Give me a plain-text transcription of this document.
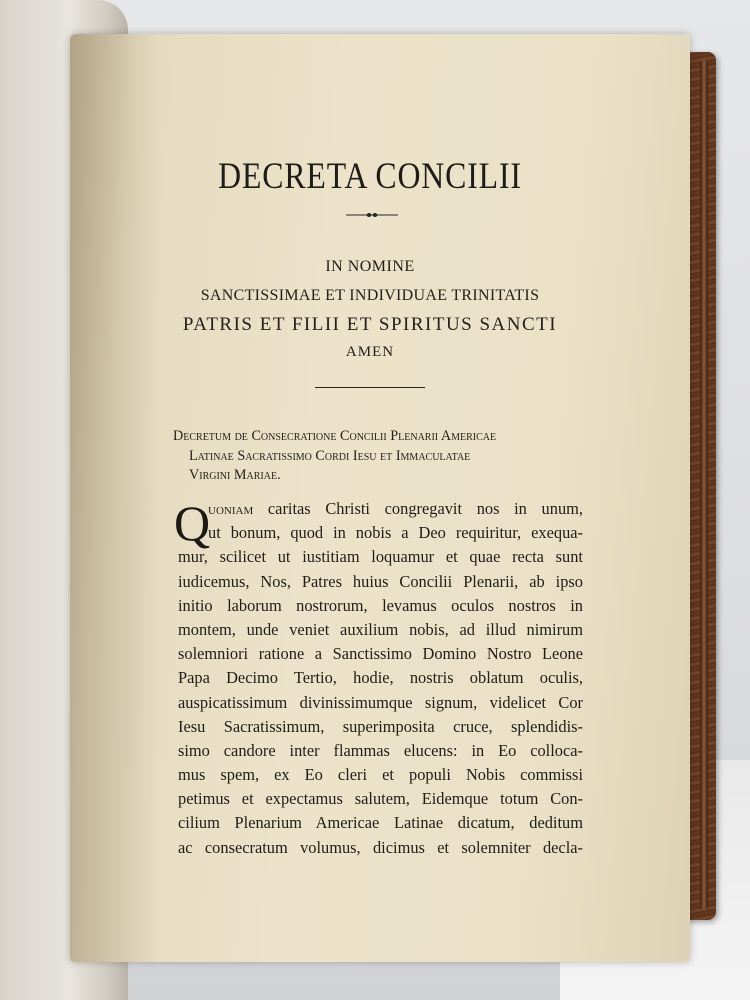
DECRETA CONCILII
IN NOMINE
SANCTISSIMAE ET INDIVIDUAE TRINITATIS
PATRIS ET FILII ET SPIRITUS SANCTI
AMEN
Decretum de Consecratione Concilii Plenarii Americae
Latinae Sacratissimo Cordi Iesu et Immaculatae
Virgini Mariae.
Q
uoniam caritas Christi congregavit nos in unum,
ut bonum, quod in nobis a Deo requiritur, exequa-
mur, scilicet ut iustitiam loquamur et quae recta sunt
iudicemus, Nos, Patres huius Concilii Plenarii, ab ipso
initio laborum nostrorum, levamus oculos nostros in
montem, unde veniet auxilium nobis, ad illud nimirum
solemniori ratione a Sanctissimo Domino Nostro Leone
Papa Decimo Tertio, hodie, nostris oblatum oculis,
auspicatissimum divinissimumque signum, videlicet Cor
Iesu Sacratissimum, superimposita cruce, splendidis-
simo candore inter flammas elucens: in Eo colloca-
mus spem, ex Eo cleri et populi Nobis commissi
petimus et expectamus salutem, Eidemque totum Con-
cilium Plenarium Americae Latinae dicatum, deditum
ac consecratum volumus, dicimus et solemniter decla-
